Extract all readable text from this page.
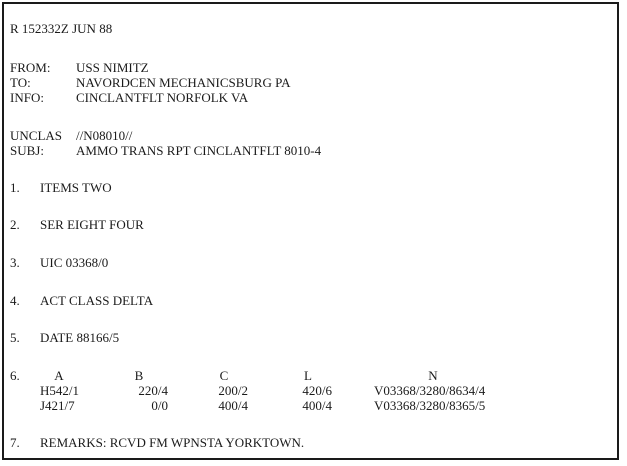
R 152332Z JUN 88
FROM: USS NIMITZ
TO:	NAVORDCEN MECHANICSBURG PA
INFO: CINCLANTFLT NORFOLK VA
UNCLAS //N08010//
SUBJ: AMMO TRANS RPT CINCLANTFLT 8010-4
1. ITEMS TWO
2. SER EIGHT FOUR
3. UIC 03368/0
4. ACT CLASS DELTA
5. DATE 88166/5
6.	A	B	C	L	N
H542/1	220/4	200/2	420/6	V03368/3280/8634/4
J421/7	0/0	400/4	400/4	V03368/3280/8365/5
7. REMARKS: RCVD FM WPNSTA YORKTOWN.
